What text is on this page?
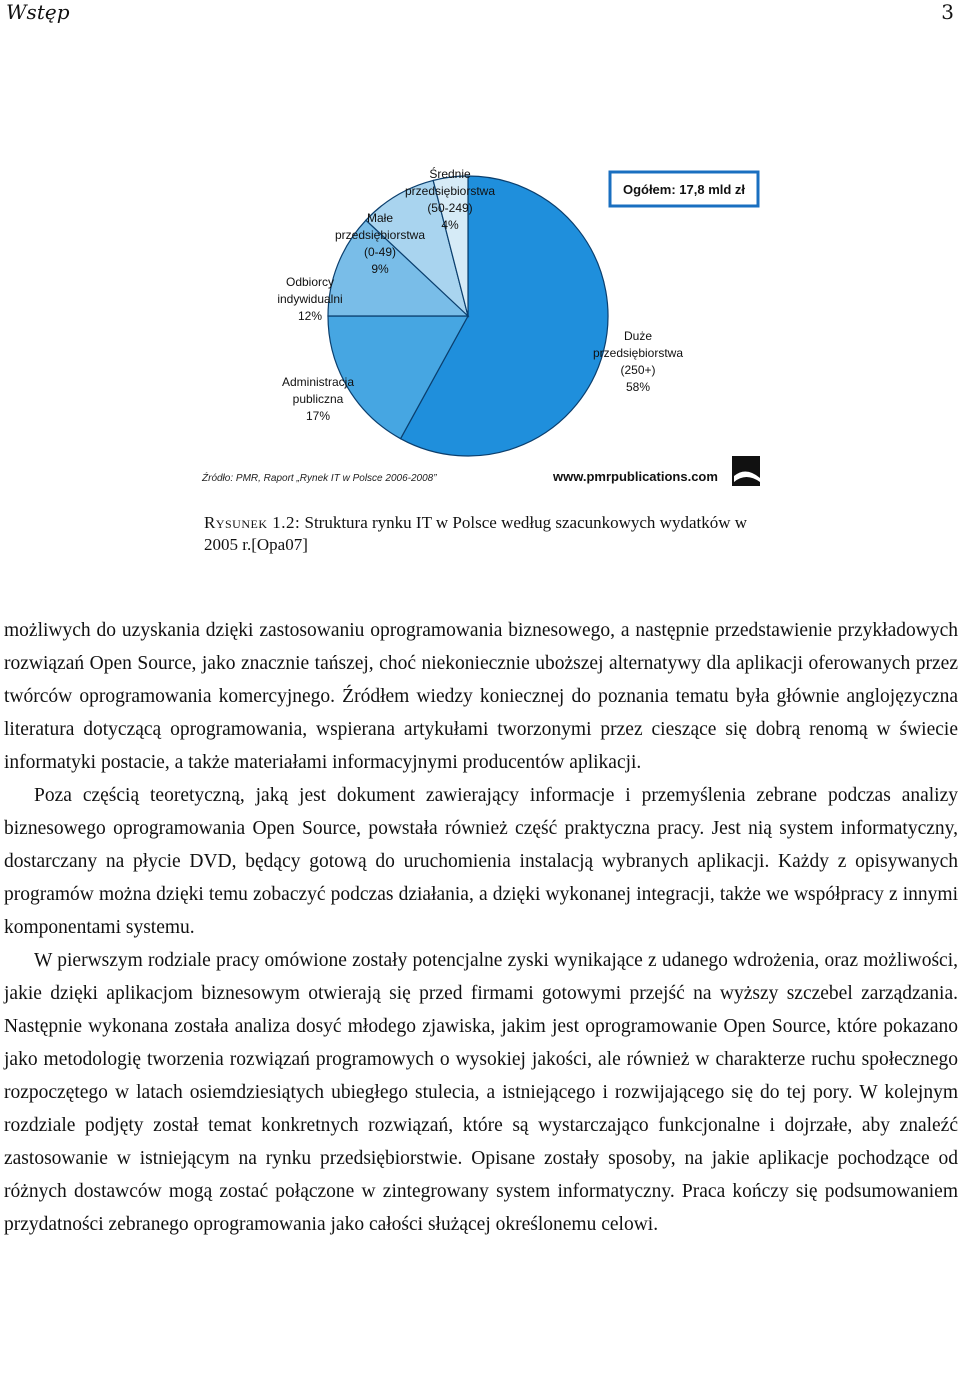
Wstęp	3
Ogółem: 17,8 mld zł
Duże przedsiębiorstwa (250+) 58%
Administracja publiczna 17%
Odbiorcy indywidualni 12%
Małe przedsiębiorstwa (0-49) 9%
Średnie przedsiębiorstwa (50-249) 4%
Źródło: PMR, Raport „Rynek IT w Polsce 2006-2008”	www.pmrpublications.com
Rysunek 1.2: Struktura rynku IT w Polsce według szacunkowych wydatków w 2005 r.[Opa07]

możliwych do uzyskania dzięki zastosowaniu oprogramowania biznesowego, a następnie przedstawienie przykładowych rozwiązań Open Source, jako znacznie tańszej, choć niekoniecznie uboższej alternatywy dla aplikacji oferowanych przez twórców oprogramowania komercyjnego. Źródłem wiedzy koniecznej do poznania tematu była głównie anglojęzyczna literatura dotyczącą oprogramowania, wspierana artykułami tworzonymi przez cieszące się dobrą renomą w świecie informatyki postacie, a także materiałami informacyjnymi producentów aplikacji.

Poza częścią teoretyczną, jaką jest dokument zawierający informacje i przemyślenia zebrane podczas analizy biznesowego oprogramowania Open Source, powstała również część praktyczna pracy. Jest nią system informatyczny, dostarczany na płycie DVD, będący gotową do uruchomienia instalacją wybranych aplikacji. Każdy z opisywanych programów można dzięki temu zobaczyć podczas działania, a dzięki wykonanej integracji, także we współpracy z innymi komponentami systemu.

W pierwszym rodziale pracy omówione zostały potencjalne zyski wynikające z udanego wdrożenia, oraz możliwości, jakie dzięki aplikacjom biznesowym otwierają się przed firmami gotowymi przejść na wyższy szczebel zarządzania. Następnie wykonana została analiza dosyć młodego zjawiska, jakim jest oprogramowanie Open Source, które pokazano jako metodologię tworzenia rozwiązań programowych o wysokiej jakości, ale również w charakterze ruchu społecznego rozpoczętego w latach osiemdziesiątych ubiegłego stulecia, a istniejącego i rozwijającego się do tej pory. W kolejnym rozdziale podjęty został temat konkretnych rozwiązań, które są wystarczająco funkcjonalne i dojrzałe, aby znaleźć zastosowanie w istniejącym na rynku przedsiębiorstwie. Opisane zostały sposoby, na jakie aplikacje pochodzące od różnych dostawców mogą zostać połączone w zintegrowany system informatyczny. Praca kończy się podsumowaniem przydatności zebranego oprogramowania jako całości służącej określonemu celowi.
